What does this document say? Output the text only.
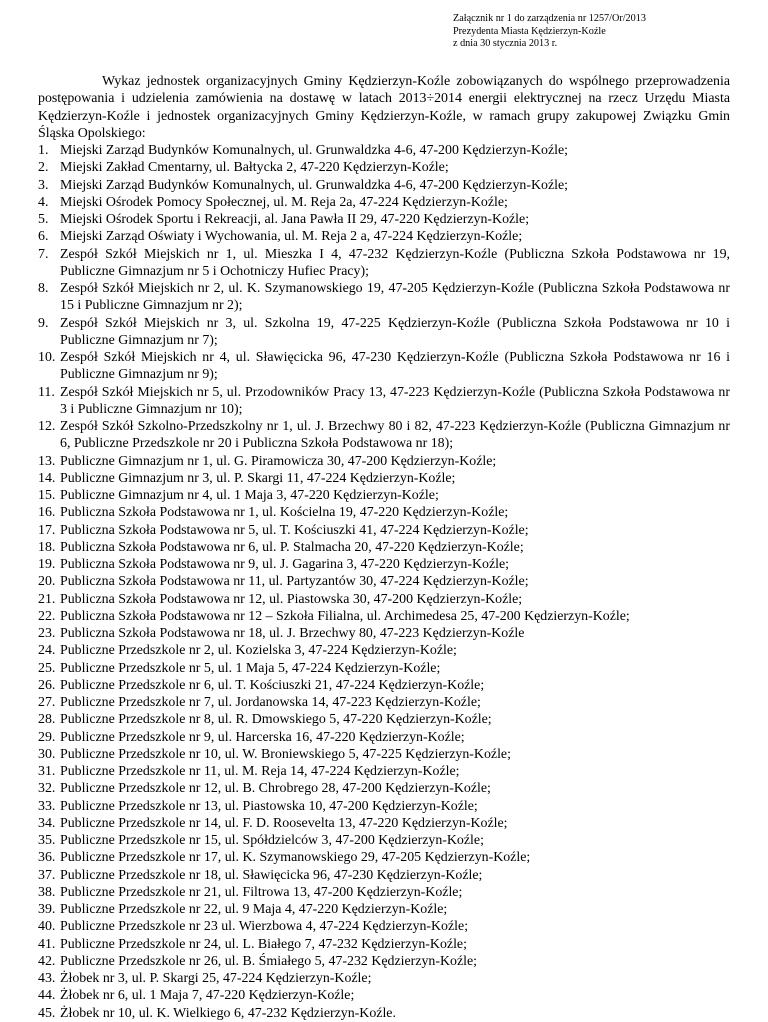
Załącznik nr 1 do zarządzenia nr 1257/Or/2013
Prezydenta Miasta Kędzierzyn-Koźle
z dnia 30 stycznia 2013 r.

Wykaz jednostek organizacyjnych Gminy Kędzierzyn-Koźle zobowiązanych do wspólnego przeprowadzenia postępowania i udzielenia zamówienia na dostawę w latach 2013÷2014 energii elektrycznej na rzecz Urzędu Miasta Kędzierzyn-Koźle i jednostek organizacyjnych Gminy Kędzierzyn-Koźle, w ramach grupy zakupowej Związku Gmin Śląska Opolskiego:

1. Miejski Zarząd Budynków Komunalnych, ul. Grunwaldzka 4-6, 47-200 Kędzierzyn-Koźle;
2. Miejski Zakład Cmentarny, ul. Bałtycka 2, 47-220 Kędzierzyn-Koźle;
3. Miejski Zarząd Budynków Komunalnych, ul. Grunwaldzka 4-6, 47-200 Kędzierzyn-Koźle;
4. Miejski Ośrodek Pomocy Społecznej, ul. M. Reja 2a, 47-224 Kędzierzyn-Koźle;
5. Miejski Ośrodek Sportu i Rekreacji, al. Jana Pawła II 29, 47-220 Kędzierzyn-Koźle;
6. Miejski Zarząd Oświaty i Wychowania, ul. M. Reja 2 a, 47-224 Kędzierzyn-Koźle;
7. Zespół Szkół Miejskich nr 1, ul. Mieszka I 4, 47-232 Kędzierzyn-Koźle (Publiczna Szkoła Podstawowa nr 19, Publiczne Gimnazjum nr 5 i Ochotniczy Hufiec Pracy);
8. Zespół Szkół Miejskich nr 2, ul. K. Szymanowskiego 19, 47-205 Kędzierzyn-Koźle (Publiczna Szkoła Podstawowa nr 15 i Publiczne Gimnazjum nr 2);
9. Zespół Szkół Miejskich nr 3, ul. Szkolna 19, 47-225 Kędzierzyn-Koźle (Publiczna Szkoła Podstawowa nr 10 i Publiczne Gimnazjum nr 7);
10. Zespół Szkół Miejskich nr 4, ul. Sławięcicka 96, 47-230 Kędzierzyn-Koźle (Publiczna Szkoła Podstawowa nr 16 i Publiczne Gimnazjum nr 9);
11. Zespół Szkół Miejskich nr 5, ul. Przodowników Pracy 13, 47-223 Kędzierzyn-Koźle (Publiczna Szkoła Podstawowa nr 3 i Publiczne Gimnazjum nr 10);
12. Zespół Szkół Szkolno-Przedszkolny nr 1, ul. J. Brzechwy 80 i 82, 47-223 Kędzierzyn-Koźle (Publiczna Gimnazjum nr 6, Publiczne Przedszkole nr 20 i Publiczna Szkoła Podstawowa nr 18);
13. Publiczne Gimnazjum nr 1, ul. G. Piramowicza 30, 47-200 Kędzierzyn-Koźle;
14. Publiczne Gimnazjum nr 3, ul. P. Skargi 11, 47-224 Kędzierzyn-Koźle;
15. Publiczne Gimnazjum nr 4, ul. 1 Maja 3, 47-220 Kędzierzyn-Koźle;
16. Publiczna Szkoła Podstawowa nr 1, ul. Kościelna 19, 47-220 Kędzierzyn-Koźle;
17. Publiczna Szkoła Podstawowa nr 5, ul. T. Kościuszki 41, 47-224 Kędzierzyn-Koźle;
18. Publiczna Szkoła Podstawowa nr 6, ul. P. Stalmacha 20, 47-220 Kędzierzyn-Koźle;
19. Publiczna Szkoła Podstawowa nr 9, ul. J. Gagarina 3, 47-220 Kędzierzyn-Koźle;
20. Publiczna Szkoła Podstawowa nr 11, ul. Partyzantów 30, 47-224 Kędzierzyn-Koźle;
21. Publiczna Szkoła Podstawowa nr 12, ul. Piastowska 30, 47-200 Kędzierzyn-Koźle;
22. Publiczna Szkoła Podstawowa nr 12 – Szkoła Filialna, ul. Archimedesa 25, 47-200 Kędzierzyn-Koźle;
23. Publiczna Szkoła Podstawowa nr 18, ul. J. Brzechwy 80, 47-223 Kędzierzyn-Koźle
24. Publiczne Przedszkole nr 2, ul. Kozielska 3, 47-224 Kędzierzyn-Koźle;
25. Publiczne Przedszkole nr 5, ul. 1 Maja 5, 47-224 Kędzierzyn-Koźle;
26. Publiczne Przedszkole nr 6, ul. T. Kościuszki 21, 47-224 Kędzierzyn-Koźle;
27. Publiczne Przedszkole nr 7, ul. Jordanowska 14, 47-223 Kędzierzyn-Koźle;
28. Publiczne Przedszkole nr 8, ul. R. Dmowskiego 5, 47-220 Kędzierzyn-Koźle;
29. Publiczne Przedszkole nr 9, ul. Harcerska 16, 47-220 Kędzierzyn-Koźle;
30. Publiczne Przedszkole nr 10, ul. W. Broniewskiego 5, 47-225 Kędzierzyn-Koźle;
31. Publiczne Przedszkole nr 11, ul. M. Reja 14, 47-224 Kędzierzyn-Koźle;
32. Publiczne Przedszkole nr 12, ul. B. Chrobrego 28, 47-200 Kędzierzyn-Koźle;
33. Publiczne Przedszkole nr 13, ul. Piastowska 10, 47-200 Kędzierzyn-Koźle;
34. Publiczne Przedszkole nr 14, ul. F. D. Roosevelta 13, 47-220 Kędzierzyn-Koźle;
35. Publiczne Przedszkole nr 15, ul. Spółdzielców 3, 47-200 Kędzierzyn-Koźle;
36. Publiczne Przedszkole nr 17, ul. K. Szymanowskiego 29, 47-205 Kędzierzyn-Koźle;
37. Publiczne Przedszkole nr 18, ul. Sławięcicka 96, 47-230 Kędzierzyn-Koźle;
38. Publiczne Przedszkole nr 21, ul. Filtrowa 13, 47-200 Kędzierzyn-Koźle;
39. Publiczne Przedszkole nr 22, ul. 9 Maja 4, 47-220 Kędzierzyn-Koźle;
40. Publiczne Przedszkole nr 23 ul. Wierzbowa 4, 47-224 Kędzierzyn-Koźle;
41. Publiczne Przedszkole nr 24, ul. L. Białego 7, 47-232 Kędzierzyn-Koźle;
42. Publiczne Przedszkole nr 26, ul. B. Śmiałego 5, 47-232 Kędzierzyn-Koźle;
43. Żłobek nr 3, ul. P. Skargi 25, 47-224 Kędzierzyn-Koźle;
44. Żłobek nr 6, ul. 1 Maja 7, 47-220 Kędzierzyn-Koźle;
45. Żłobek nr 10, ul. K. Wielkiego 6, 47-232 Kędzierzyn-Koźle.
